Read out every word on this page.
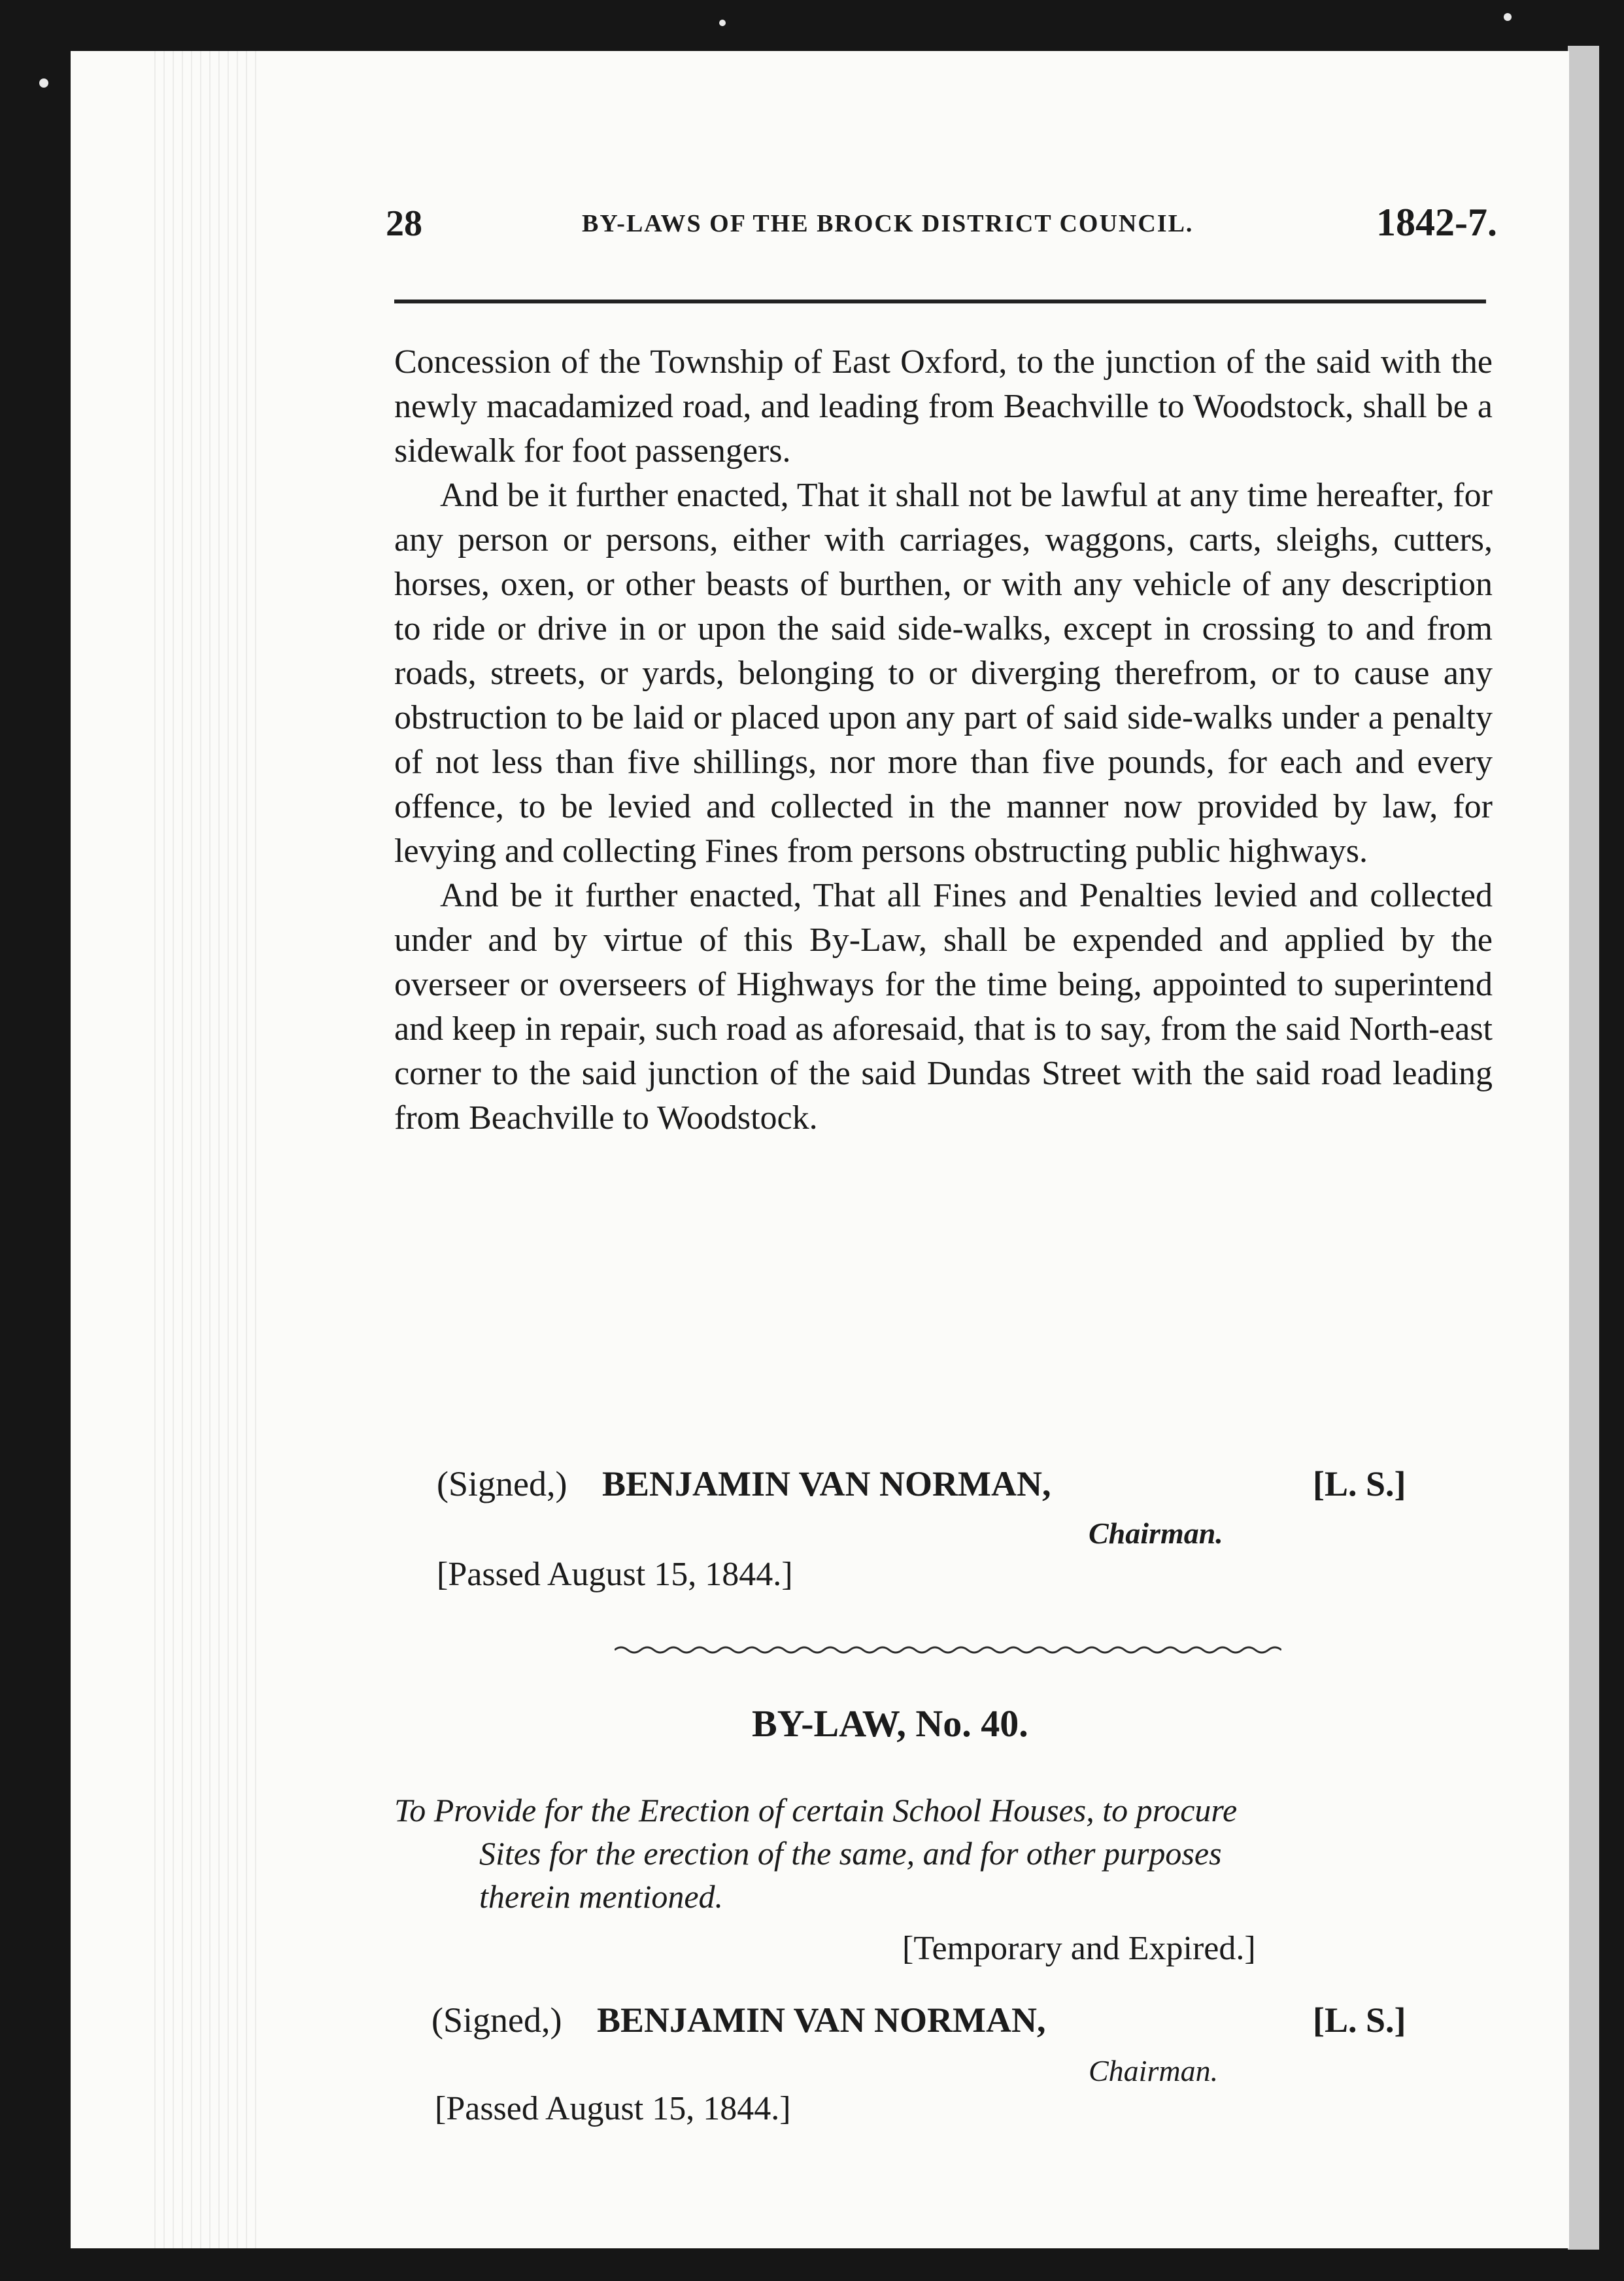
28	BY-LAWS OF THE BROCK DISTRICT COUNCIL.	1842-7.

Concession of the Township of East Oxford, to the junction of the said with the newly macadamized road, and leading from Beachville to Woodstock, shall be a sidewalk for foot passengers.

And be it further enacted, That it shall not be lawful at any time hereafter, for any person or persons, either with carriages, waggons, carts, sleighs, cutters, horses, oxen, or other beasts of burthen, or with any vehicle of any description to ride or drive in or upon the said side-walks, except in crossing to and from roads, streets, or yards, belonging to or diverging therefrom, or to cause any obstruction to be laid or placed upon any part of said side-walks under a penalty of not less than five shillings, nor more than five pounds, for each and every offence, to be levied and collected in the manner now provided by law, for levying and collecting Fines from persons obstructing public highways.

And be it further enacted, That all Fines and Penalties levied and collected under and by virtue of this By-Law, shall be expended and applied by the overseer or overseers of Highways for the time being, appointed to superintend and keep in repair, such road as aforesaid, that is to say, from the said North-east corner to the said junction of the said Dundas Street with the said road leading from Beachville to Woodstock.

(Signed,) BENJAMIN VAN NORMAN,	[L. S.]
Chairman.
[Passed August 15, 1844.]
BY-LAW, No. 40.
To Provide for the Erection of certain School Houses, to procure
Sites for the erection of the same, and for other purposes
therein mentioned.
[Temporary and Expired.]
(Signed,) BENJAMIN VAN NORMAN,	[L. S.]
Chairman.
[Passed August 15, 1844.]
